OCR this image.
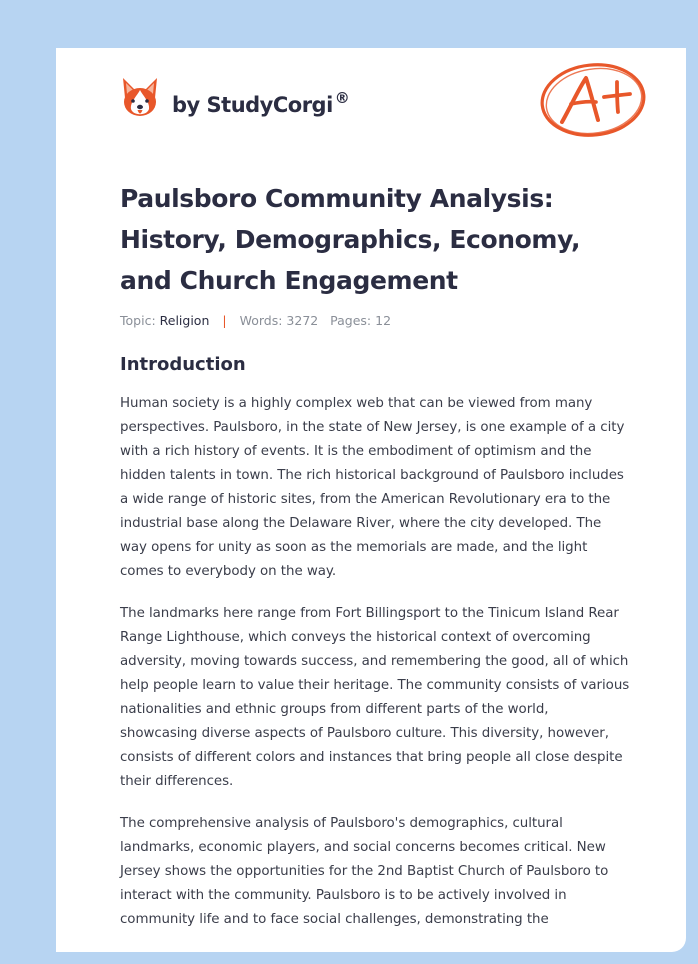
by StudyCorgi ®
Paulsboro Community Analysis: History, Demographics, Economy, and Church Engagement
Topic: Religion | Words: 3272 Pages: 12
Introduction

Human society is a highly complex web that can be viewed from many perspectives. Paulsboro, in the state of New Jersey, is one example of a city with a rich history of events. It is the embodiment of optimism and the hidden talents in town. The rich historical background of Paulsboro includes a wide range of historic sites, from the American Revolutionary era to the industrial base along the Delaware River, where the city developed. The way opens for unity as soon as the memorials are made, and the light comes to everybody on the way.

The landmarks here range from Fort Billingsport to the Tinicum Island Rear Range Lighthouse, which conveys the historical context of overcoming adversity, moving towards success, and remembering the good, all of which help people learn to value their heritage. The community consists of various nationalities and ethnic groups from different parts of the world, showcasing diverse aspects of Paulsboro culture. This diversity, however, consists of different colors and instances that bring people all close despite their differences.

The comprehensive analysis of Paulsboro's demographics, cultural landmarks, economic players, and social concerns becomes critical. New Jersey shows the opportunities for the 2nd Baptist Church of Paulsboro to interact with the community. Paulsboro is to be actively involved in community life and to face social challenges, demonstrating the
